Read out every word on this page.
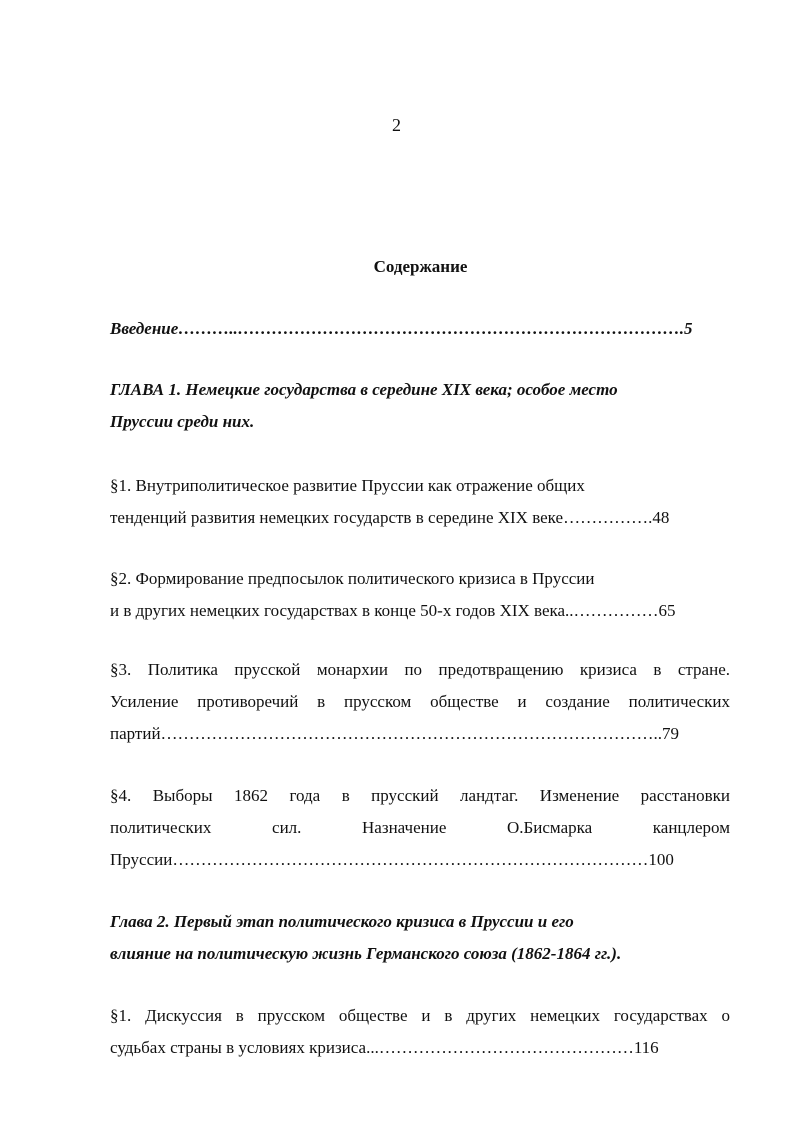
2
Содержание
Введение………..…………………………………………………………………….5
ГЛАВА 1. Немецкие государства в середине XIX века; особое место
Пруссии среди них.
§1. Внутриполитическое развитие Пруссии как отражение общих
тенденций развития немецких государств в середине XIX веке…………….48
§2. Формирование предпосылок политического кризиса в Пруссии
и в других немецких государствах в конце 50-х годов XIX века..……………65
§3. Политика прусской монархии по предотвращению кризиса в стране.
Усиление противоречий в прусском обществе и создание политических
партий……………………………………………………………………………..79
§4. Выборы 1862 года в прусский ландтаг. Изменение расстановки
политических сил. Назначение О.Бисмарка канцлером
Пруссии…………………………………………………………………………100
Глава 2. Первый этап политического кризиса в Пруссии и его
влияние на политическую жизнь Германского союза (1862-1864 гг.).
§1. Дискуссия в прусском обществе и в других немецких государствах о
судьбах страны в условиях кризиса...………………………………………116
